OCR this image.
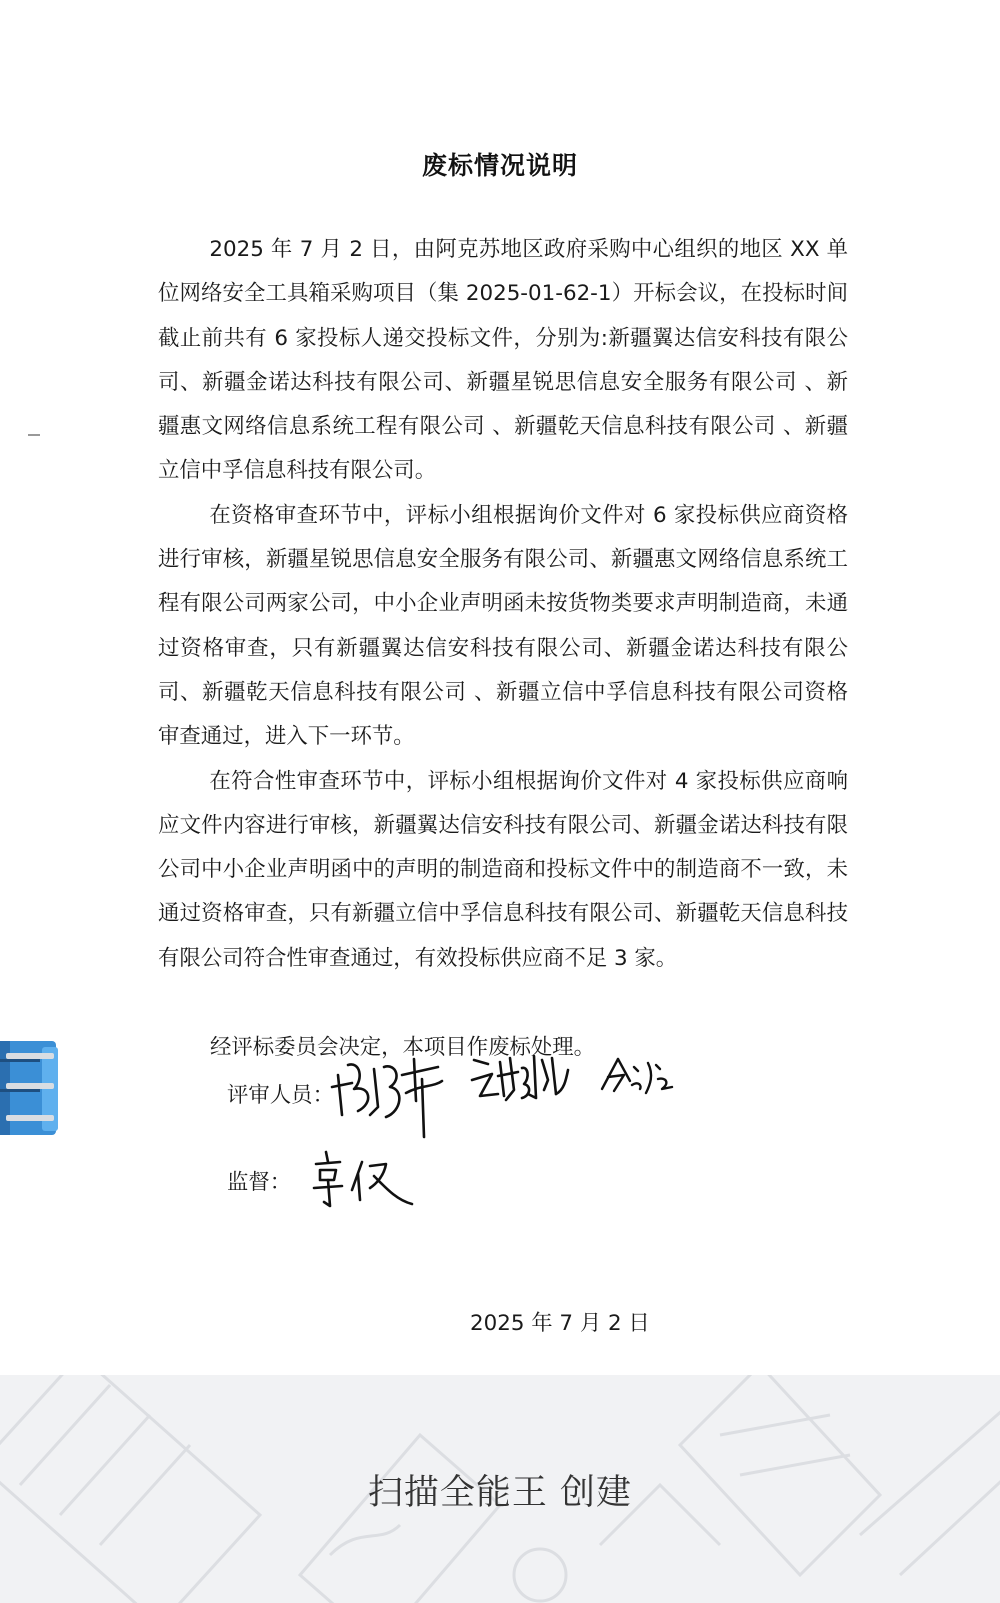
废标情况说明

2025 年 7 月 2 日，由阿克苏地区政府采购中心组织的地区 XX 单位网络安全工具箱采购项目（集 2025-01-62-1）开标会议，在投标时间截止前共有 6 家投标人递交投标文件，分别为:新疆翼达信安科技有限公司、新疆金诺达科技有限公司、新疆星锐思信息安全服务有限公司 、新疆惠文网络信息系统工程有限公司 、新疆乾天信息科技有限公司 、新疆立信中孚信息科技有限公司。

在资格审查环节中，评标小组根据询价文件对 6 家投标供应商资格进行审核，新疆星锐思信息安全服务有限公司、新疆惠文网络信息系统工程有限公司两家公司，中小企业声明函未按货物类要求声明制造商，未通过资格审查，只有新疆翼达信安科技有限公司、新疆金诺达科技有限公司、新疆乾天信息科技有限公司 、新疆立信中孚信息科技有限公司资格审查通过，进入下一环节。

在符合性审查环节中，评标小组根据询价文件对 4 家投标供应商响应文件内容进行审核，新疆翼达信安科技有限公司、新疆金诺达科技有限公司中小企业声明函中的声明的制造商和投标文件中的制造商不一致，未通过资格审查，只有新疆立信中孚信息科技有限公司、新疆乾天信息科技有限公司符合性审查通过，有效投标供应商不足 3 家。

经评标委员会决定，本项目作废标处理。
评审人员：
监督：
2025 年 7 月 2 日
扫描全能王 创建
